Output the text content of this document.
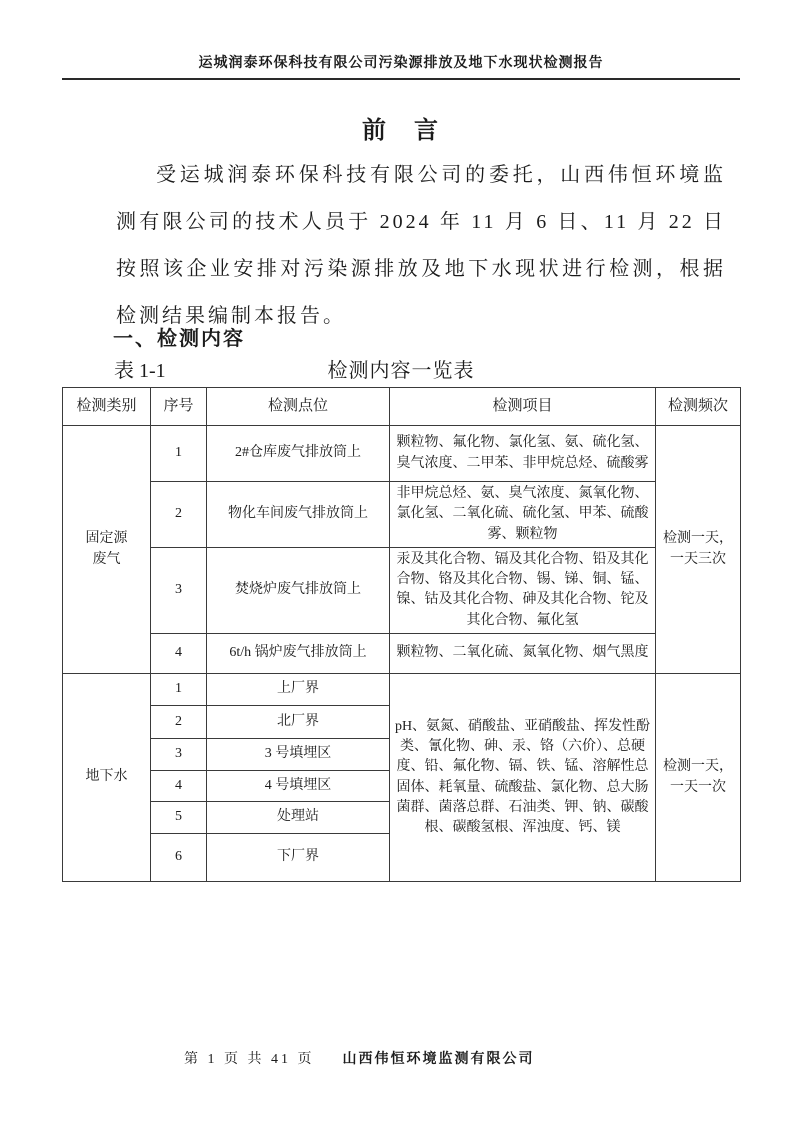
运城润泰环保科技有限公司污染源排放及地下水现状检测报告
前　言
受运城润泰环保科技有限公司的委托，山西伟恒环境监测有限公司的技术人员于 2024 年 11 月 6 日、11 月 22 日按照该企业安排对污染源排放及地下水现状进行检测，根据检测结果编制本报告。
一、检测内容
表 1-1	检测内容一览表
检测类别	序号	检测点位	检测项目	检测频次
固定源废气	1	2#仓库废气排放筒上	颗粒物、氟化物、氯化氢、氨、硫化氢、臭气浓度、二甲苯、非甲烷总烃、硫酸雾	检测一天，一天三次
	2	物化车间废气排放筒上	非甲烷总烃、氨、臭气浓度、氮氧化物、氯化氢、二氧化硫、硫化氢、甲苯、硫酸雾、颗粒物	
	3	焚烧炉废气排放筒上	汞及其化合物、镉及其化合物、铅及其化合物、铬及其化合物、锡、锑、铜、锰、镍、钴及其化合物、砷及其化合物、铊及其化合物、氟化氢	
	4	6t/h 锅炉废气排放筒上	颗粒物、二氧化硫、氮氧化物、烟气黑度	
地下水	1	上厂界	pH、氨氮、硝酸盐、亚硝酸盐、挥发性酚类、氰化物、砷、汞、铬（六价）、总硬度、铅、氟化物、镉、铁、锰、溶解性总固体、耗氧量、硫酸盐、氯化物、总大肠菌群、菌落总群、石油类、钾、钠、碳酸根、碳酸氢根、浑浊度、钙、镁	检测一天，一天一次
	2	北厂界		
	3	3 号填埋区		
	4	4 号填埋区		
	5	处理站		
	6	下厂界		
第 1 页 共 41 页 山西伟恒环境监测有限公司
